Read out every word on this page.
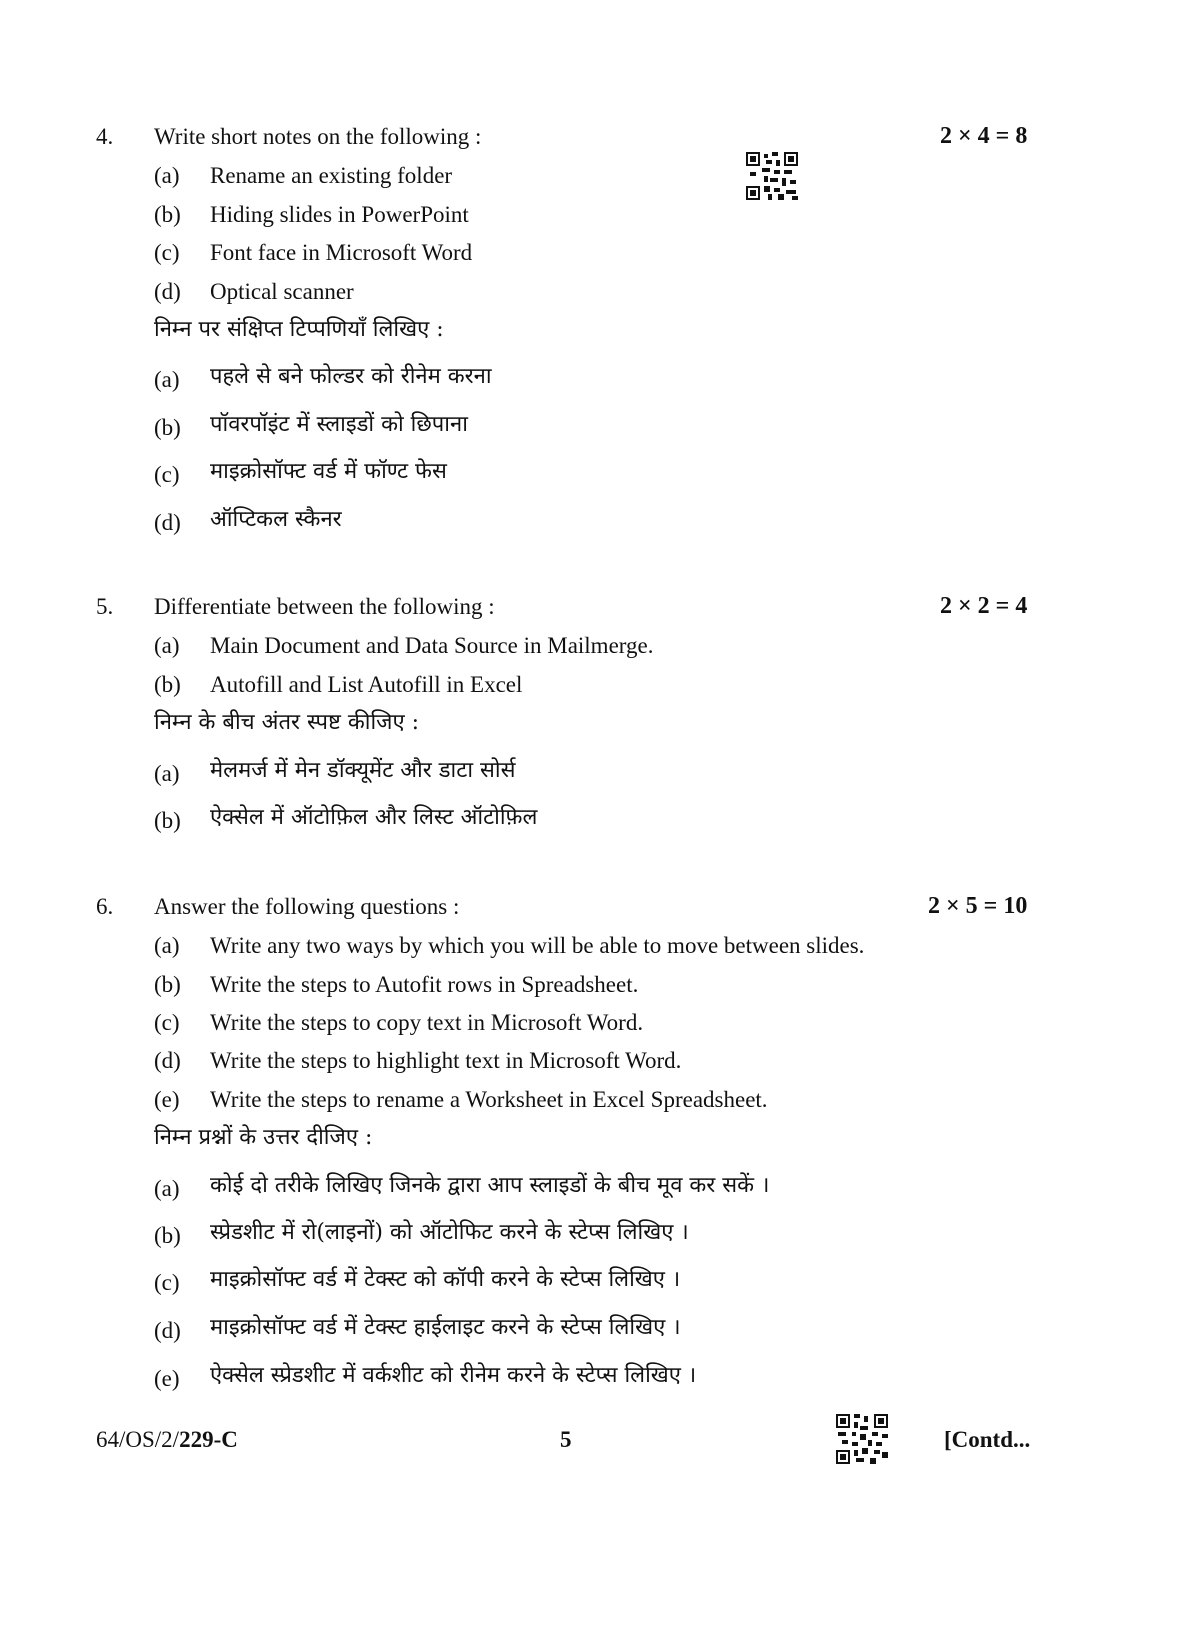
4. Write short notes on the following :	2 × 4 = 8
(a) Rename an existing folder
(b) Hiding slides in PowerPoint
(c) Font face in Microsoft Word
(d) Optical scanner
निम्न पर संक्षिप्त टिप्पणियाँ लिखिए :
(a) पहले से बने फोल्डर को रीनेम करना
(b) पॉवरपॉइंट में स्लाइडों को छिपाना
(c) माइक्रोसॉफ्ट वर्ड में फॉण्ट फेस
(d) ऑप्टिकल स्कैनर
5. Differentiate between the following :	2 × 2 = 4
(a) Main Document and Data Source in Mailmerge.
(b) Autofill and List Autofill in Excel
निम्न के बीच अंतर स्पष्ट कीजिए :
(a) मेलमर्ज में मेन डॉक्यूमेंट और डाटा सोर्स
(b) ऐक्सेल में ऑटोफ़िल और लिस्ट ऑटोफ़िल
6. Answer the following questions :	2 × 5 = 10
(a) Write any two ways by which you will be able to move between slides.
(b) Write the steps to Autofit rows in Spreadsheet.
(c) Write the steps to copy text in Microsoft Word.
(d) Write the steps to highlight text in Microsoft Word.
(e) Write the steps to rename a Worksheet in Excel Spreadsheet.
निम्न प्रश्नों के उत्तर दीजिए :
(a) कोई दो तरीके लिखिए जिनके द्वारा आप स्लाइडों के बीच मूव कर सकें ।
(b) स्प्रेडशीट में रो(लाइनों) को ऑटोफिट करने के स्टेप्स लिखिए ।
(c) माइक्रोसॉफ्ट वर्ड में टेक्स्ट को कॉपी करने के स्टेप्स लिखिए ।
(d) माइक्रोसॉफ्ट वर्ड में टेक्स्ट हाईलाइट करने के स्टेप्स लिखिए ।
(e) ऐक्सेल स्प्रेडशीट में वर्कशीट को रीनेम करने के स्टेप्स लिखिए ।
64/OS/2/229-C	5	[Contd...
